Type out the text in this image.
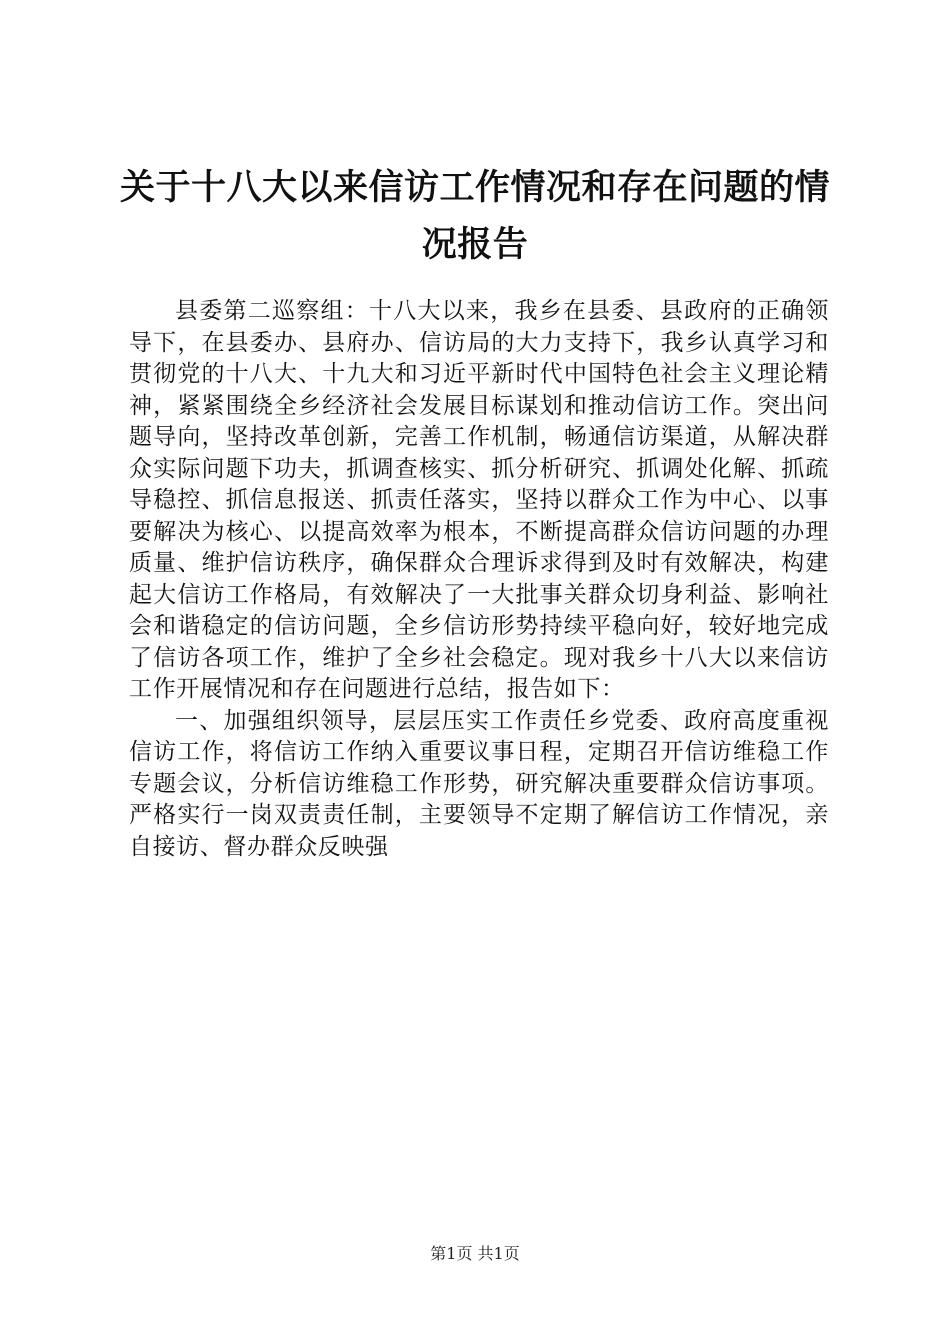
关于十八大以来信访工作情况和存在问题的情况报告

县委第二巡察组：十八大以来，我乡在县委、县政府的正确领导下，在县委办、县府办、信访局的大力支持下，我乡认真学习和贯彻党的十八大、十九大和习近平新时代中国特色社会主义理论精神，紧紧围绕全乡经济社会发展目标谋划和推动信访工作。突出问题导向，坚持改革创新，完善工作机制，畅通信访渠道，从解决群众实际问题下功夫，抓调查核实、抓分析研究、抓调处化解、抓疏导稳控、抓信息报送、抓责任落实，坚持以群众工作为中心、以事要解决为核心、以提高效率为根本，不断提高群众信访问题的办理质量、维护信访秩序，确保群众合理诉求得到及时有效解决，构建起大信访工作格局，有效解决了一大批事关群众切身利益、影响社会和谐稳定的信访问题，全乡信访形势持续平稳向好，较好地完成了信访各项工作，维护了全乡社会稳定。现对我乡十八大以来信访工作开展情况和存在问题进行总结，报告如下：

一、加强组织领导，层层压实工作责任乡党委、政府高度重视信访工作，将信访工作纳入重要议事日程，定期召开信访维稳工作专题会议，分析信访维稳工作形势，研究解决重要群众信访事项。严格实行一岗双责责任制，主要领导不定期了解信访工作情况，亲自接访、督办群众反映强

第1页 共1页
